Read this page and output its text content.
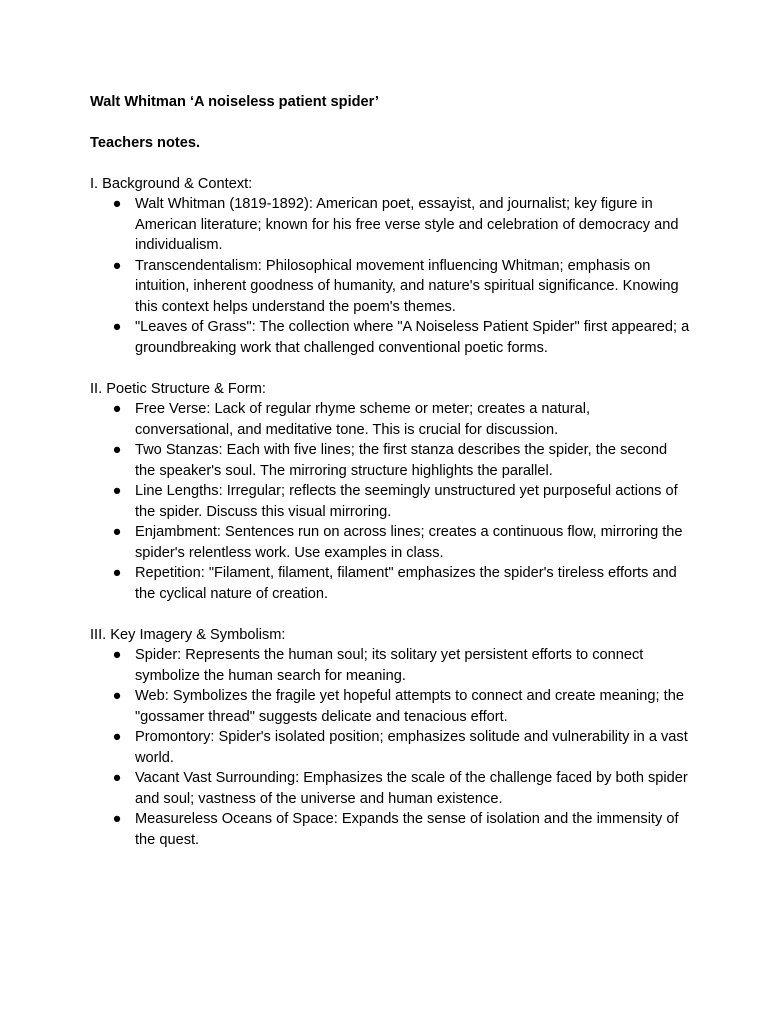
Walt Whitman ‘A noiseless patient spider’

Teachers notes.

I. Background & Context:

● Walt Whitman (1819-1892): American poet, essayist, and journalist; key figure in American literature; known for his free verse style and celebration of democracy and individualism.
● Transcendentalism: Philosophical movement influencing Whitman; emphasis on intuition, inherent goodness of humanity, and nature's spiritual significance. Knowing this context helps understand the poem's themes.
● "Leaves of Grass": The collection where "A Noiseless Patient Spider" first appeared; a groundbreaking work that challenged conventional poetic forms.

II. Poetic Structure & Form:

● Free Verse: Lack of regular rhyme scheme or meter; creates a natural, conversational, and meditative tone. This is crucial for discussion.
● Two Stanzas: Each with five lines; the first stanza describes the spider, the second the speaker's soul. The mirroring structure highlights the parallel.
● Line Lengths: Irregular; reflects the seemingly unstructured yet purposeful actions of the spider. Discuss this visual mirroring.
● Enjambment: Sentences run on across lines; creates a continuous flow, mirroring the spider's relentless work. Use examples in class.
● Repetition: "Filament, filament, filament" emphasizes the spider's tireless efforts and the cyclical nature of creation.

III. Key Imagery & Symbolism:

● Spider: Represents the human soul; its solitary yet persistent efforts to connect symbolize the human search for meaning.
● Web: Symbolizes the fragile yet hopeful attempts to connect and create meaning; the "gossamer thread" suggests delicate and tenacious effort.
● Promontory: Spider's isolated position; emphasizes solitude and vulnerability in a vast world.
● Vacant Vast Surrounding: Emphasizes the scale of the challenge faced by both spider and soul; vastness of the universe and human existence.
● Measureless Oceans of Space: Expands the sense of isolation and the immensity of the quest.
